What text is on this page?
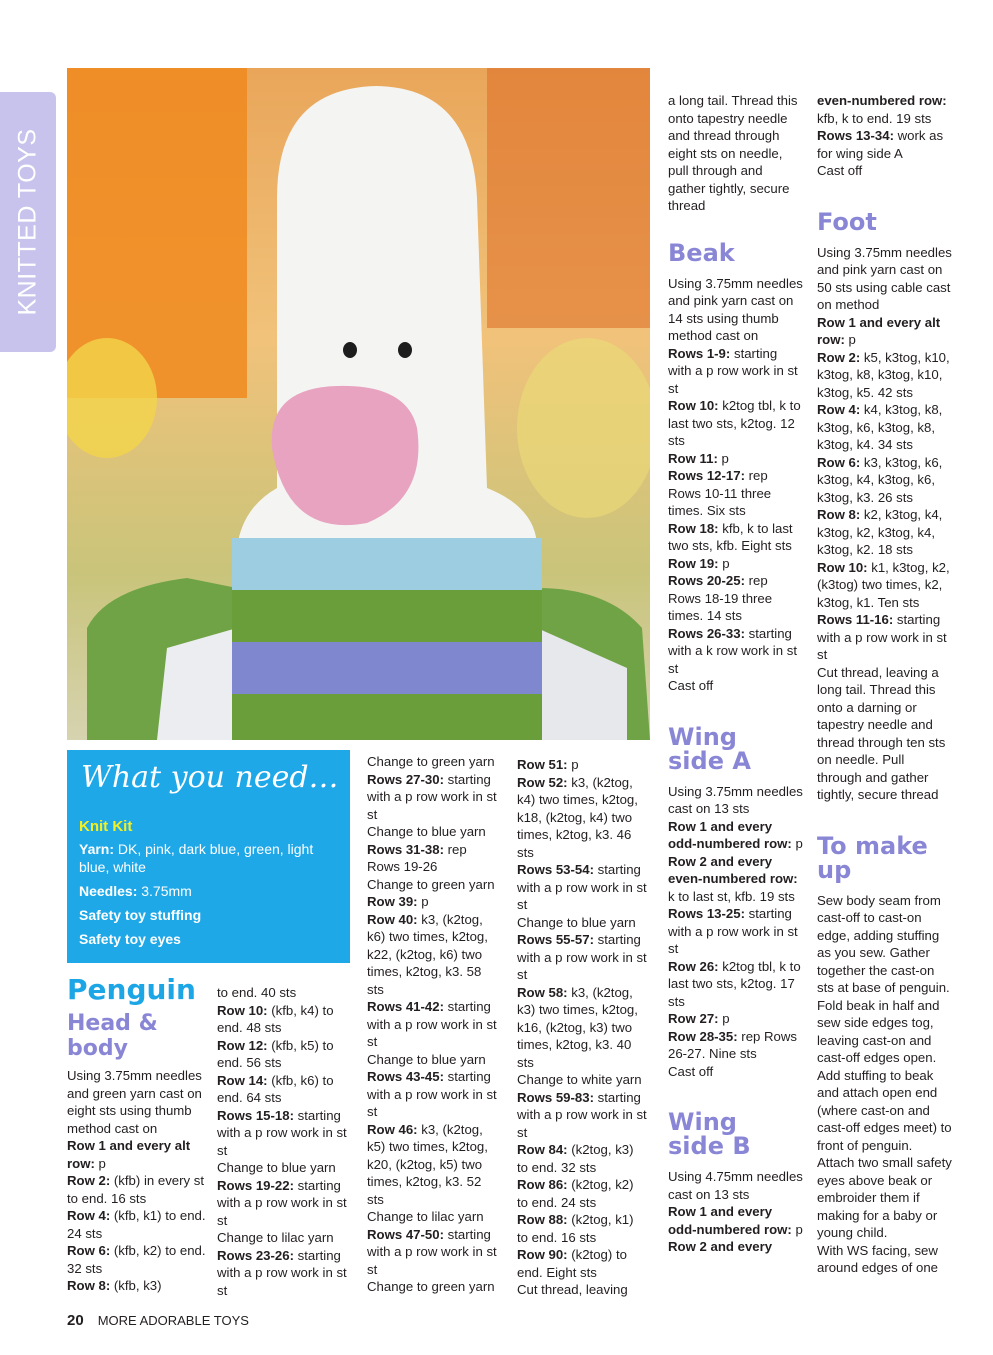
KNITTED TOYS
What you need…
Knit Kit

Yarn: DK, pink, dark blue, green, light blue, white

Needles: 3.75mm

Safety toy stuffing

Safety toy eyes

Penguin
Head & body

Using 3.75mm needles and green yarn cast on eight sts using thumb method cast on

Row 1 and every alt row: p

Row 2: (kfb) in every st to end. 16 sts

Row 4: (kfb, k1) to end. 24 sts

Row 6: (kfb, k2) to end. 32 sts

Row 8: (kfb, k3)

to end. 40 sts

Row 10: (kfb, k4) to end. 48 sts

Row 12: (kfb, k5) to end. 56 sts

Row 14: (kfb, k6) to end. 64 sts

Rows 15-18: starting with a p row work in st st

Change to blue yarn

Rows 19-22: starting with a p row work in st st

Change to lilac yarn

Rows 23-26: starting with a p row work in st st

Change to green yarn

Rows 27-30: starting with a p row work in st st

Change to blue yarn

Rows 31-38: rep Rows 19-26

Change to green yarn

Row 39: p

Row 40: k3, (k2tog, k6) two times, k2tog, k22, (k2tog, k6) two times, k2tog, k3. 58 sts

Rows 41-42: starting with a p row work in st st

Change to blue yarn

Rows 43-45: starting with a p row work in st st

Row 46: k3, (k2tog, k5) two times, k2tog, k20, (k2tog, k5) two times, k2tog, k3. 52 sts

Change to lilac yarn

Rows 47-50: starting with a p row work in st st

Change to green yarn

Row 51: p

Row 52: k3, (k2tog, k4) two times, k2tog, k18, (k2tog, k4) two times, k2tog, k3. 46 sts

Rows 53-54: starting with a p row work in st st

Change to blue yarn

Rows 55-57: starting with a p row work in st st

Row 58: k3, (k2tog, k3) two times, k2tog, k16, (k2tog, k3) two times, k2tog, k3. 40 sts

Change to white yarn

Rows 59-83: starting with a p row work in st st

Row 84: (k2tog, k3) to end. 32 sts

Row 86: (k2tog, k2) to end. 24 sts

Row 88: (k2tog, k1) to end. 16 sts

Row 90: (k2tog) to end. Eight sts

Cut thread, leaving

a long tail. Thread this onto tapestry needle and thread through eight sts on needle, pull through and gather tightly, secure thread

Beak

Using 3.75mm needles and pink yarn cast on 14 sts using thumb method cast on

Rows 1-9: starting with a p row work in st st

Row 10: k2tog tbl, k to last two sts, k2tog. 12 sts

Row 11: p

Rows 12-17: rep Rows 10-11 three times. Six sts

Row 18: kfb, k to last two sts, kfb. Eight sts

Row 19: p

Rows 20-25: rep Rows 18-19 three times. 14 sts

Rows 26-33: starting with a k row work in st st

Cast off

Wing side A

Using 3.75mm needles cast on 13 sts

Row 1 and every odd-numbered row: p

Row 2 and every even-numbered row: k to last st, kfb. 19 sts

Rows 13-25: starting with a p row work in st st

Row 26: k2tog tbl, k to last two sts, k2tog. 17 sts

Row 27: p

Row 28-35: rep Rows 26-27. Nine sts

Cast off

Wing side B

Using 4.75mm needles cast on 13 sts

Row 1 and every odd-numbered row: p

Row 2 and every

even-numbered row: kfb, k to end. 19 sts

Rows 13-34: work as for wing side A

Cast off

Foot

Using 3.75mm needles and pink yarn cast on 50 sts using cable cast on method

Row 1 and every alt row: p

Row 2: k5, k3tog, k10, k3tog, k8, k3tog, k10, k3tog, k5. 42 sts

Row 4: k4, k3tog, k8, k3tog, k6, k3tog, k8, k3tog, k4. 34 sts

Row 6: k3, k3tog, k6, k3tog, k4, k3tog, k6, k3tog, k3. 26 sts

Row 8: k2, k3tog, k4, k3tog, k2, k3tog, k4, k3tog, k2. 18 sts

Row 10: k1, k3tog, k2, (k3tog) two times, k2, k3tog, k1. Ten sts

Rows 11-16: starting with a p row work in st st

Cut thread, leaving a long tail. Thread this onto a darning or tapestry needle and thread through ten sts on needle. Pull through and gather tightly, secure thread

To make up

Sew body seam from cast-off to cast-on edge, adding stuffing as you sew. Gather together the cast-on sts at base of penguin. Fold beak in half and sew side edges tog, leaving cast-on and cast-off edges open. Add stuffing to beak and attach open end (where cast-on and cast-off edges meet) to front of penguin. Attach two small safety eyes above beak or embroider them if making for a baby or young child.

With WS facing, sew around edges of one

20 MORE ADORABLE TOYS
